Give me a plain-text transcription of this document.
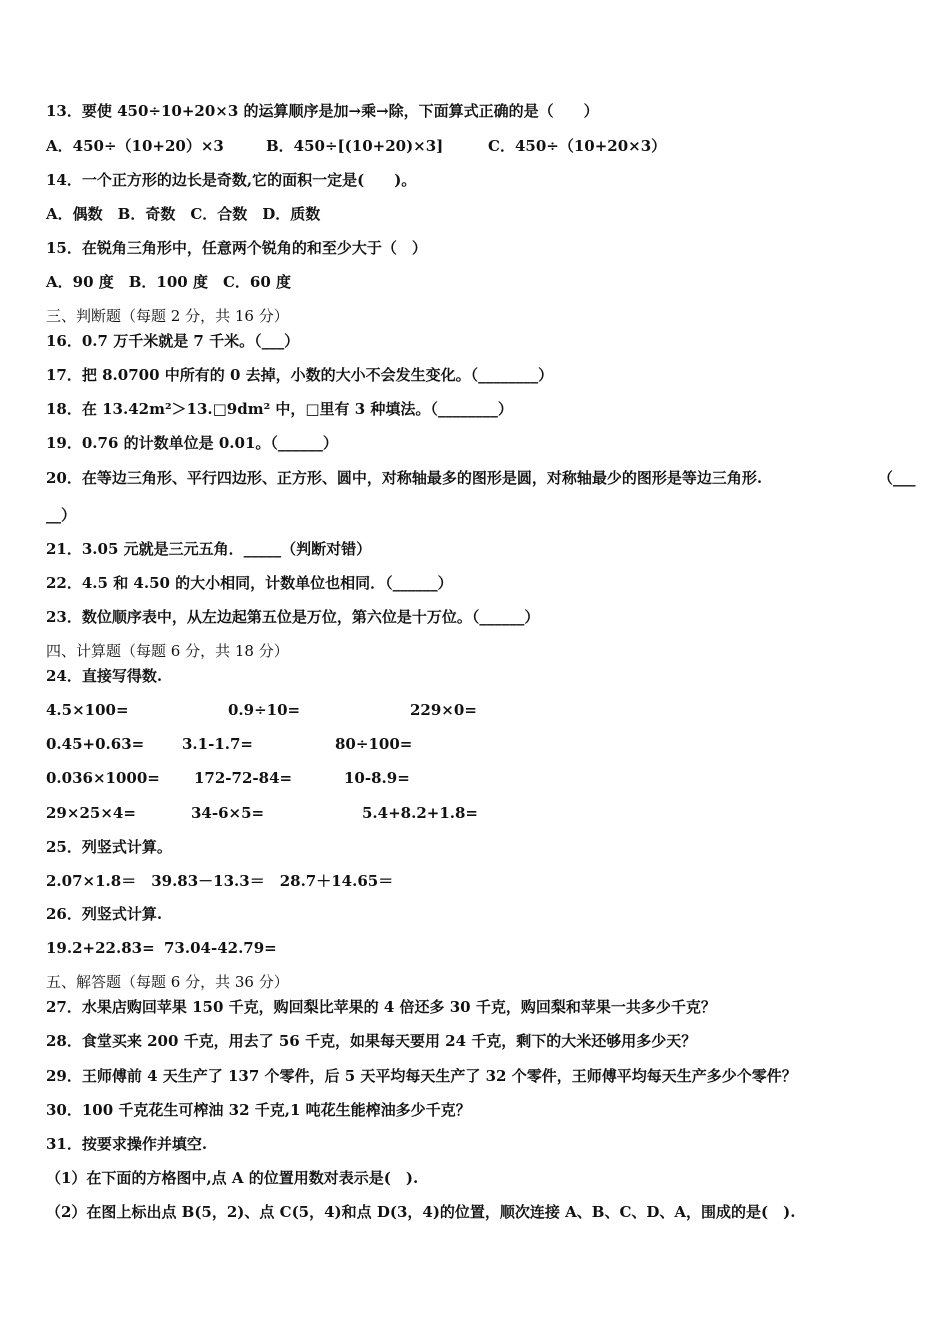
13．要使 450÷10+20×3 的运算顺序是加→乘→除，下面算式正确的是（　　）
A．450÷（10+20）×3	B．450÷[(10+20)×3]	C．450÷（10+20×3）
14．一个正方形的边长是奇数,它的面积一定是(　　)。
A．偶数　B．奇数　C．合数　D．质数
15．在锐角三角形中，任意两个锐角的和至少大于（　）
A．90 度　B．100 度　C．60 度
三、判断题（每题 2 分，共 16 分）
16．0.7 万千米就是 7 千米。（___）
17．把 8.0700 中所有的 0 去掉，小数的大小不会发生变化。（________）
18．在 13.42m²＞13.□9dm² 中，□里有 3 种填法。（________）
19．0.76 的计数单位是 0.01。（______）
20．在等边三角形、平行四边形、正方形、圆中，对称轴最多的图形是圆，对称轴最少的图形是等边三角形.	（___
__）
21．3.05 元就是三元五角．_____（判断对错）
22．4.5 和 4.50 的大小相同，计数单位也相同．（______）
23．数位顺序表中，从左边起第五位是万位，第六位是十万位。（______）
四、计算题（每题 6 分，共 18 分）
24．直接写得数.
4.5×100=	0.9÷10=	229×0=
0.45+0.63=	3.1-1.7=	80÷100=
0.036×1000= 172-72-84=	10-8.9=
29×25×4=	34-6×5=	5.4+8.2+1.8=
25．列竖式计算。
2.07×1.8＝　39.83－13.3＝　28.7＋14.65＝
26．列竖式计算.
19.2+22.83= 73.04-42.79=
五、解答题（每题 6 分，共 36 分）
27．水果店购回苹果 150 千克，购回梨比苹果的 4 倍还多 30 千克，购回梨和苹果一共多少千克？
28．食堂买来 200 千克，用去了 56 千克，如果每天要用 24 千克，剩下的大米还够用多少天？
29．王师傅前 4 天生产了 137 个零件，后 5 天平均每天生产了 32 个零件，王师傅平均每天生产多少个零件？
30．100 千克花生可榨油 32 千克,1 吨花生能榨油多少千克？
31．按要求操作并填空.
（1）在下面的方格图中,点 A 的位置用数对表示是(　).
（2）在图上标出点 B(5，2)、点 C(5，4)和点 D(3，4)的位置，顺次连接 A、B、C、D、A，围成的是(　).
